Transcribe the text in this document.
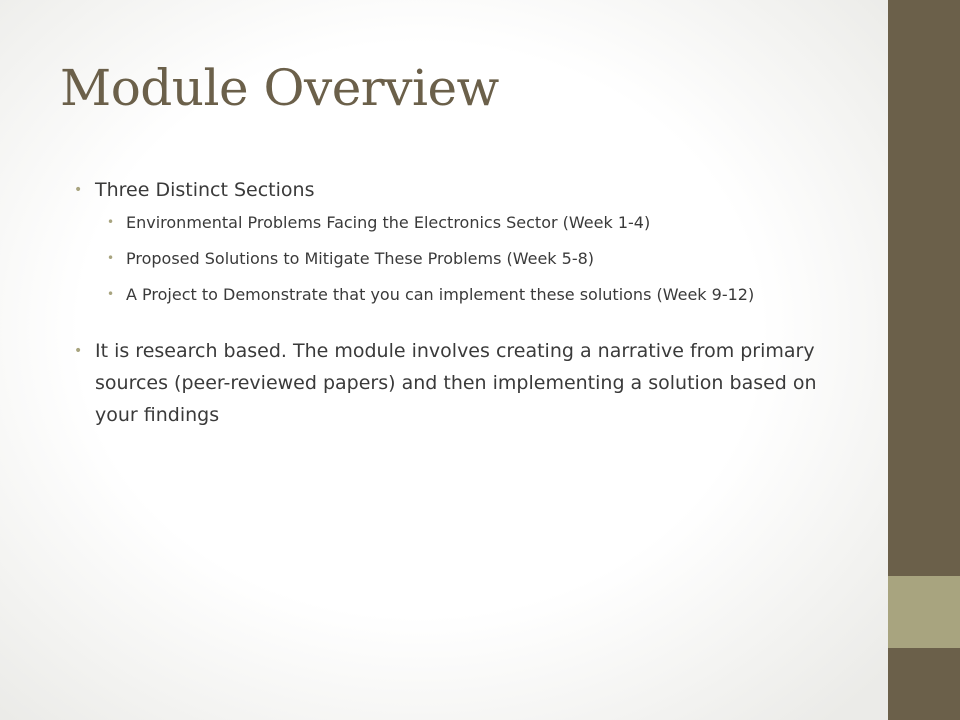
Module Overview
• Three Distinct Sections
• Environmental Problems Facing the Electronics Sector (Week 1-4)
• Proposed Solutions to Mitigate These Problems (Week 5-8)
• A Project to Demonstrate that you can implement these solutions (Week 9-12)
• It is research based. The module involves creating a narrative from primary sources (peer-reviewed papers) and then implementing a solution based on your findings
